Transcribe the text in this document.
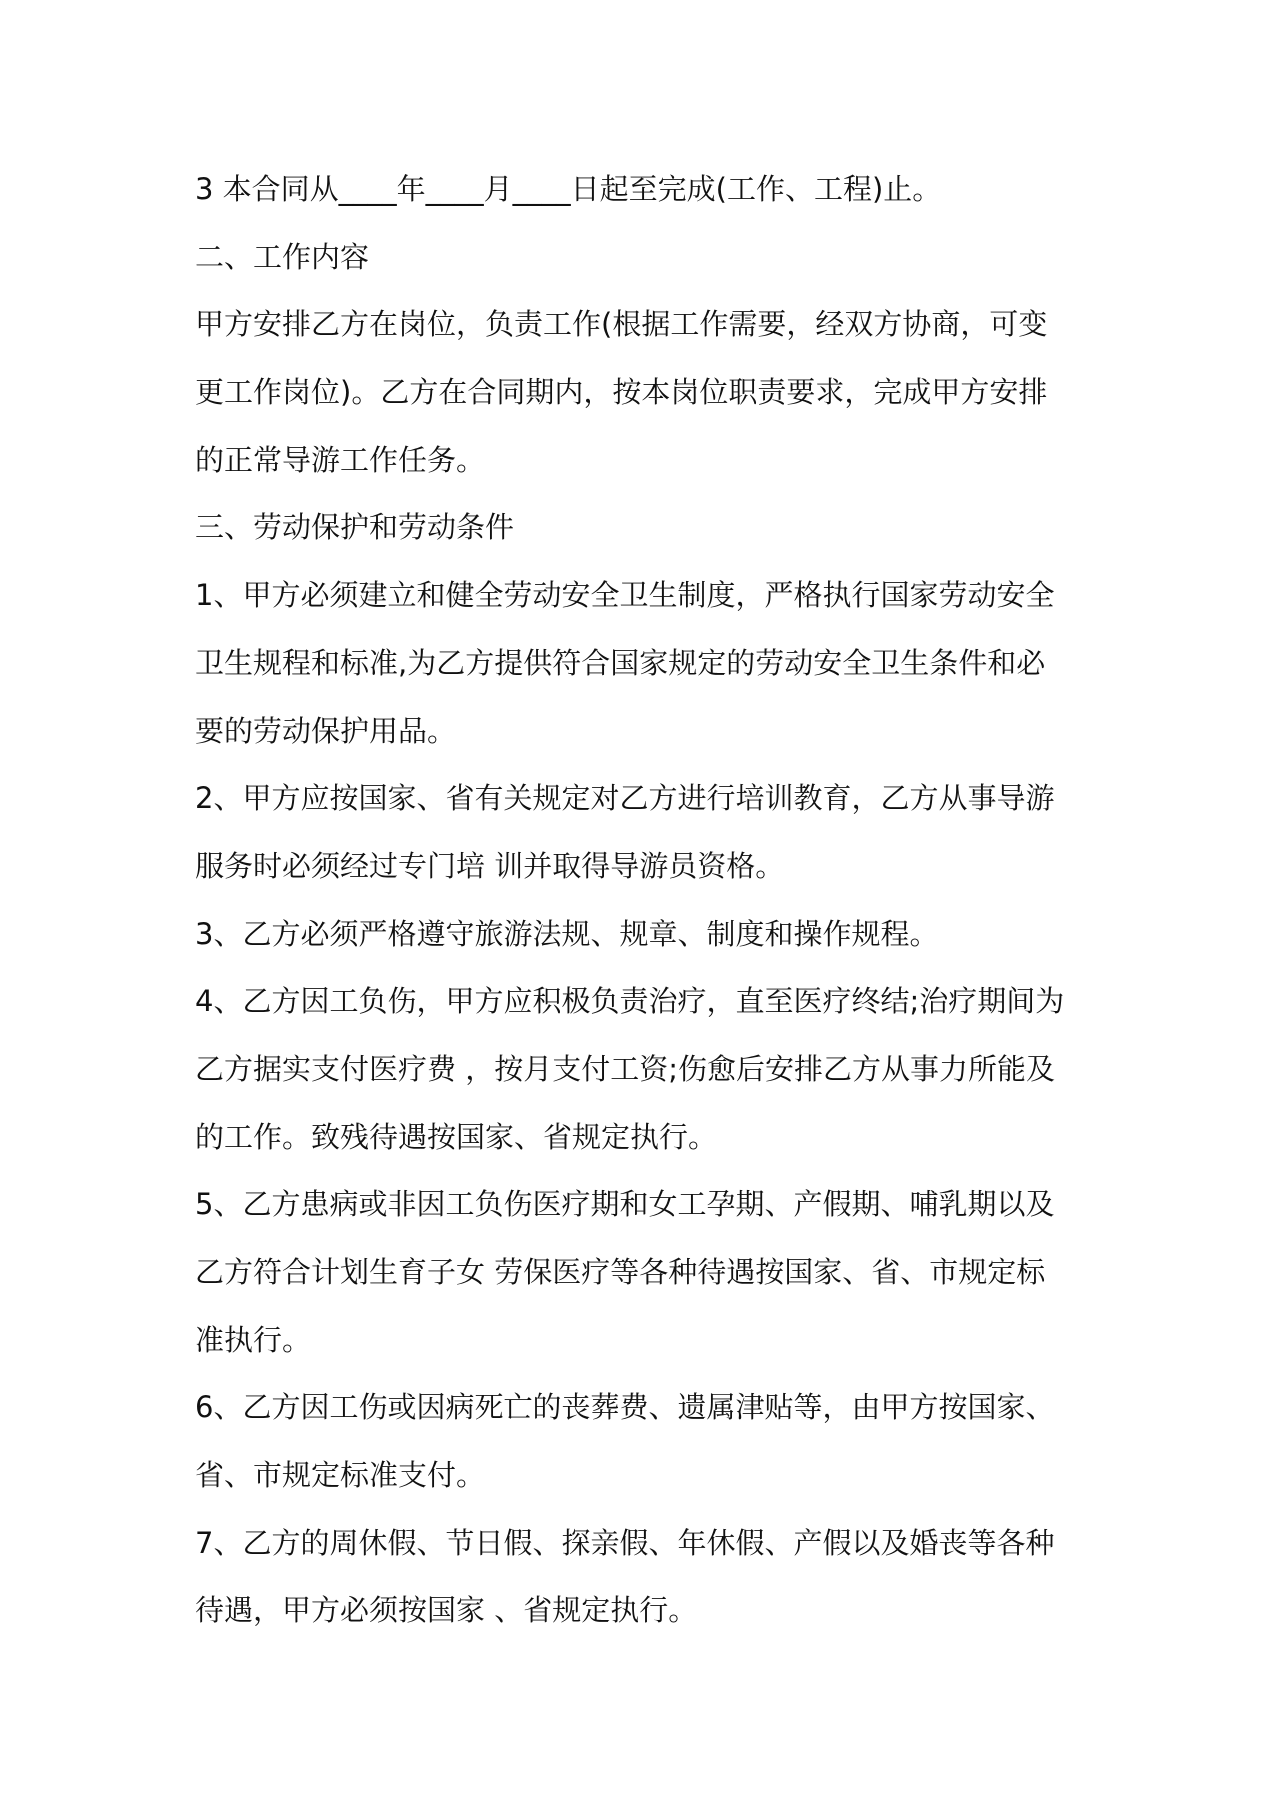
3 本合同从____年____月____日起至完成(工作、工程)止。
二、工作内容
甲方安排乙方在岗位，负责工作(根据工作需要，经双方协商，可变
更工作岗位)。乙方在合同期内，按本岗位职责要求，完成甲方安排
的正常导游工作任务。
三、劳动保护和劳动条件
1、甲方必须建立和健全劳动安全卫生制度，严格执行国家劳动安全
卫生规程和标准,为乙方提供符合国家规定的劳动安全卫生条件和必
要的劳动保护用品。
2、甲方应按国家、省有关规定对乙方进行培训教育，乙方从事导游
服务时必须经过专门培 训并取得导游员资格。
3、乙方必须严格遵守旅游法规、规章、制度和操作规程。
4、乙方因工负伤，甲方应积极负责治疗，直至医疗终结;治疗期间为
乙方据实支付医疗费 ，按月支付工资;伤愈后安排乙方从事力所能及
的工作。致残待遇按国家、省规定执行。
5、乙方患病或非因工负伤医疗期和女工孕期、产假期、哺乳期以及
乙方符合计划生育子女 劳保医疗等各种待遇按国家、省、市规定标
准执行。
6、乙方因工伤或因病死亡的丧葬费、遗属津贴等，由甲方按国家、
省、市规定标准支付。
7、乙方的周休假、节日假、探亲假、年休假、产假以及婚丧等各种
待遇，甲方必须按国家 、省规定执行。
